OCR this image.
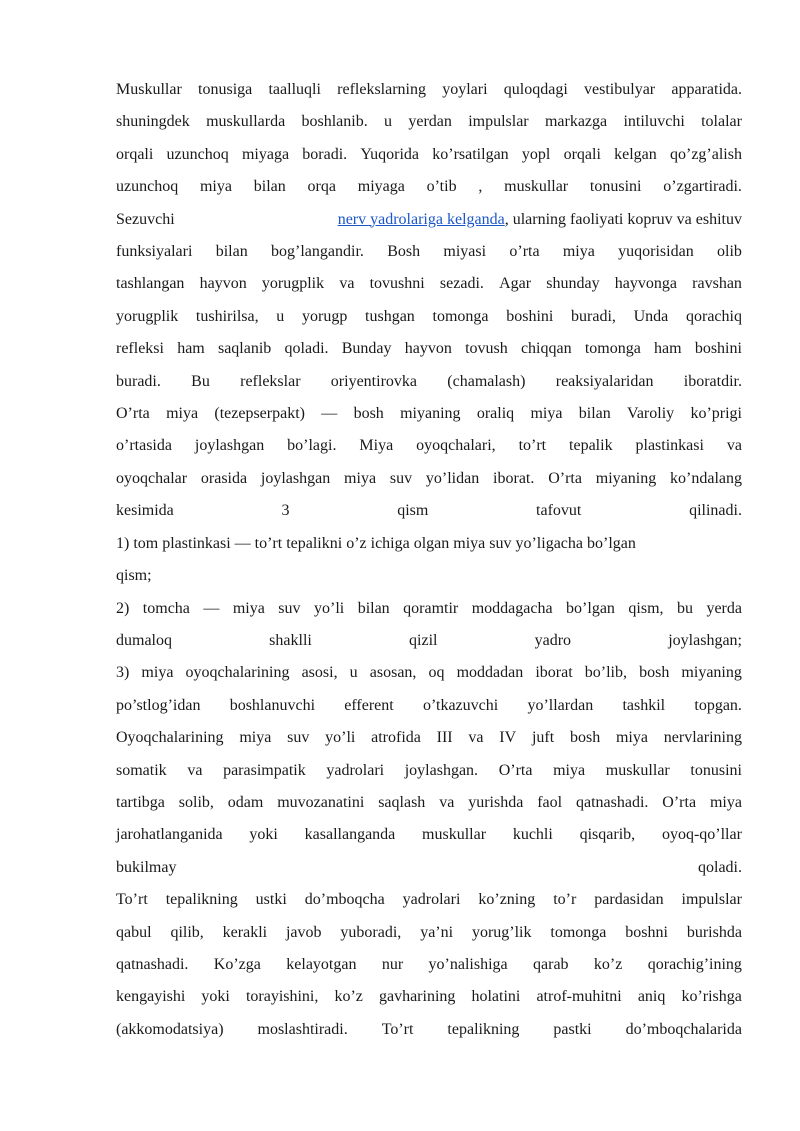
Muskullar tonusiga taalluqli reflekslarning yoylari quloqdagi vestibulyar apparatida.
shuningdek muskullarda boshlanib. u yerdan impulslar markazga intiluvchi tolalar
orqali uzunchoq miyaga boradi. Yuqorida ko’rsatilgan yopl orqali kelgan qo’zg’alish
uzunchoq miya bilan orqa miyaga o’tib , muskullar tonusini o’zgartiradi.
Sezuvchi	nerv yadrolariga kelganda, ularning faoliyati kopruv va eshituv
funksiyalari bilan bog’langandir. Bosh miyasi o’rta miya yuqorisidan olib
tashlangan hayvon yorugplik va tovushni sezadi. Agar shunday hayvonga ravshan
yorugplik tushirilsa, u yorugp tushgan tomonga boshini buradi, Unda qorachiq
refleksi ham saqlanib qoladi. Bunday hayvon tovush chiqqan tomonga ham boshini
buradi. Bu reflekslar oriyentirovka (chamalash) reaksiyalaridan iboratdir.
O’rta miya (tezepserpakt) — bosh miyaning oraliq miya bilan Varoliy ko’prigi
o’rtasida joylashgan bo’lagi. Miya oyoqchalari, to’rt tepalik plastinkasi va
oyoqchalar orasida joylashgan miya suv yo’lidan iborat. O’rta miyaning ko’ndalang
kesimida	3	qism	tafovut	qilinadi.
1) tom plastinkasi — to’rt tepalikni o’z ichiga olgan miya suv yo’ligacha bo’lgan
qism;
2) tomcha — miya suv yo’li bilan qoramtir moddagacha bo’lgan qism, bu yerda
dumaloq	shaklli	qizil	yadro	joylashgan;
3) miya oyoqchalarining asosi, u asosan, oq moddadan iborat bo’lib, bosh miyaning
po’stlog’idan boshlanuvchi efferent o’tkazuvchi yo’llardan tashkil topgan.
Oyoqchalarining miya suv yo’li atrofida III va IV juft bosh miya nervlarining
somatik va parasimpatik yadrolari joylashgan. O’rta miya muskullar tonusini
tartibga solib, odam muvozanatini saqlash va yurishda faol qatnashadi. O’rta miya
jarohatlanganida yoki kasallanganda muskullar kuchli qisqarib, oyoq-qo’llar
bukilmay	qoladi.
To’rt tepalikning ustki do’mboqcha yadrolari ko’zning to’r pardasidan impulslar
qabul qilib, kerakli javob yuboradi, ya’ni yorug’lik tomonga boshni burishda
qatnashadi. Ko’zga kelayotgan nur yo’nalishiga qarab ko’z qorachig’ining
kengayishi yoki torayishini, ko’z gavharining holatini atrof-muhitni aniq ko’rishga
(akkomodatsiya) moslashtiradi. To’rt tepalikning pastki do’mboqchalarida
